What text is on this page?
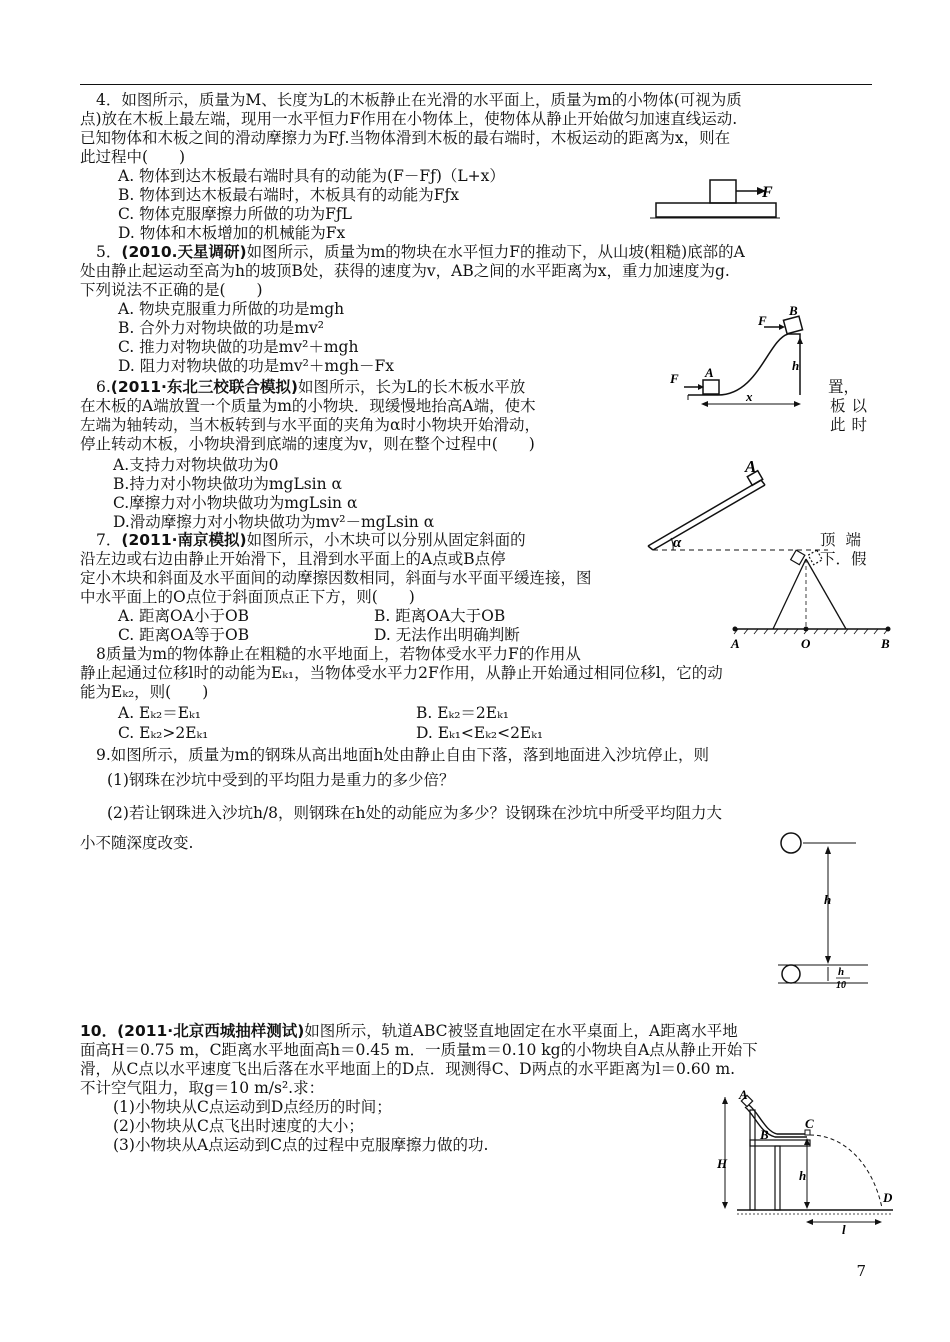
4．如图所示，质量为M、长度为L的木板静止在光滑的水平面上，质量为m的小物体(可视为质
点)放在木板上最左端，现用一水平恒力F作用在小物体上，使物体从静止开始做匀加速直线运动.
已知物体和木板之间的滑动摩擦力为Fƒ.当物体滑到木板的最右端时，木板运动的距离为x，则在
此过程中(　　)
A. 物体到达木板最右端时具有的动能为(F－Fƒ)（L+x）
B. 物体到达木板最右端时，木板具有的动能为Fƒx
C. 物体克服摩擦力所做的功为FƒL
D. 物体和木板增加的机械能为Fx
F
5．(2010.天星调研)如图所示，质量为m的物块在水平恒力F的推动下，从山坡(粗糙)底部的A
处由静止起运动至高为h的坡顶B处，获得的速度为v，AB之间的水平距离为x，重力加速度为g.
下列说法不正确的是(　　)
A. 物块克服重力所做的功是mgh
B. 合外力对物块做的功是mv²
C. 推力对物块做的功是mv²＋mgh
D. 阻力对物块做的功是mv²＋mgh－Fx
F
B
h
F A
x
6.(2011·东北三校联合模拟)如图所示，长为L的长木板水平放
在木板的A端放置一个质量为m的小物块．现缓慢地抬高A端，使木
左端为轴转动，当木板转到与水平面的夹角为α时小物块开始滑动，
停止转动木板，小物块滑到底端的速度为v，则在整个过程中(　　)
置，
板以
此时
A.支持力对物块做功为0
B.持力对小物块做功为mgLsin α
C.摩擦力对小物块做功为mgLsin α
D.滑动摩擦力对小物块做功为mv²－mgLsin α
A
α
7．(2011·南京模拟)如图所示，小木块可以分别从固定斜面的
沿左边或右边由静止开始滑下，且滑到水平面上的A点或B点停
定小木块和斜面及水平面间的动摩擦因数相同，斜面与水平面平缓连接，图
中水平面上的O点位于斜面顶点正下方，则(　　)
顶端
下．假
A. 距离OA小于OB	B. 距离OA大于OB
C. 距离OA等于OB	D. 无法作出明确判断	A	O	B
8质量为m的物体静止在粗糙的水平地面上，若物体受水平力F的作用从
静止起通过位移l时的动能为Eₖ₁，当物体受水平力2F作用，从静止开始通过相同位移l，它的动
能为Eₖ₂，则(　　)
A. Eₖ₂＝Eₖ₁	B. Eₖ₂＝2Eₖ₁
C. Eₖ₂>2Eₖ₁	D. Eₖ₁<Eₖ₂<2Eₖ₁
9.如图所示，质量为m的钢珠从高出地面h处由静止自由下落，落到地面进入沙坑停止，则
(1)钢珠在沙坑中受到的平均阻力是重力的多少倍？
(2)若让钢珠进入沙坑h/8，则钢珠在h处的动能应为多少？设钢珠在沙坑中所受平均阻力大
小不随深度改变.
h
h
10
10．(2011·北京西城抽样测试)如图所示，轨道ABC被竖直地固定在水平桌面上，A距离水平地
面高H＝0.75 m，C距离水平地面高h＝0.45 m．一质量m＝0.10 kg的小物块自A点从静止开始下
滑，从C点以水平速度飞出后落在水平地面上的D点．现测得C、D两点的水平距离为l＝0.60 m.
不计空气阻力，取g＝10 m/s².求：
(1)小物块从C点运动到D点经历的时间；
(2)小物块从C点飞出时速度的大小；
(3)小物块从A点运动到C点的过程中克服摩擦力做的功.
A
B
C
H
h
D
l
7
